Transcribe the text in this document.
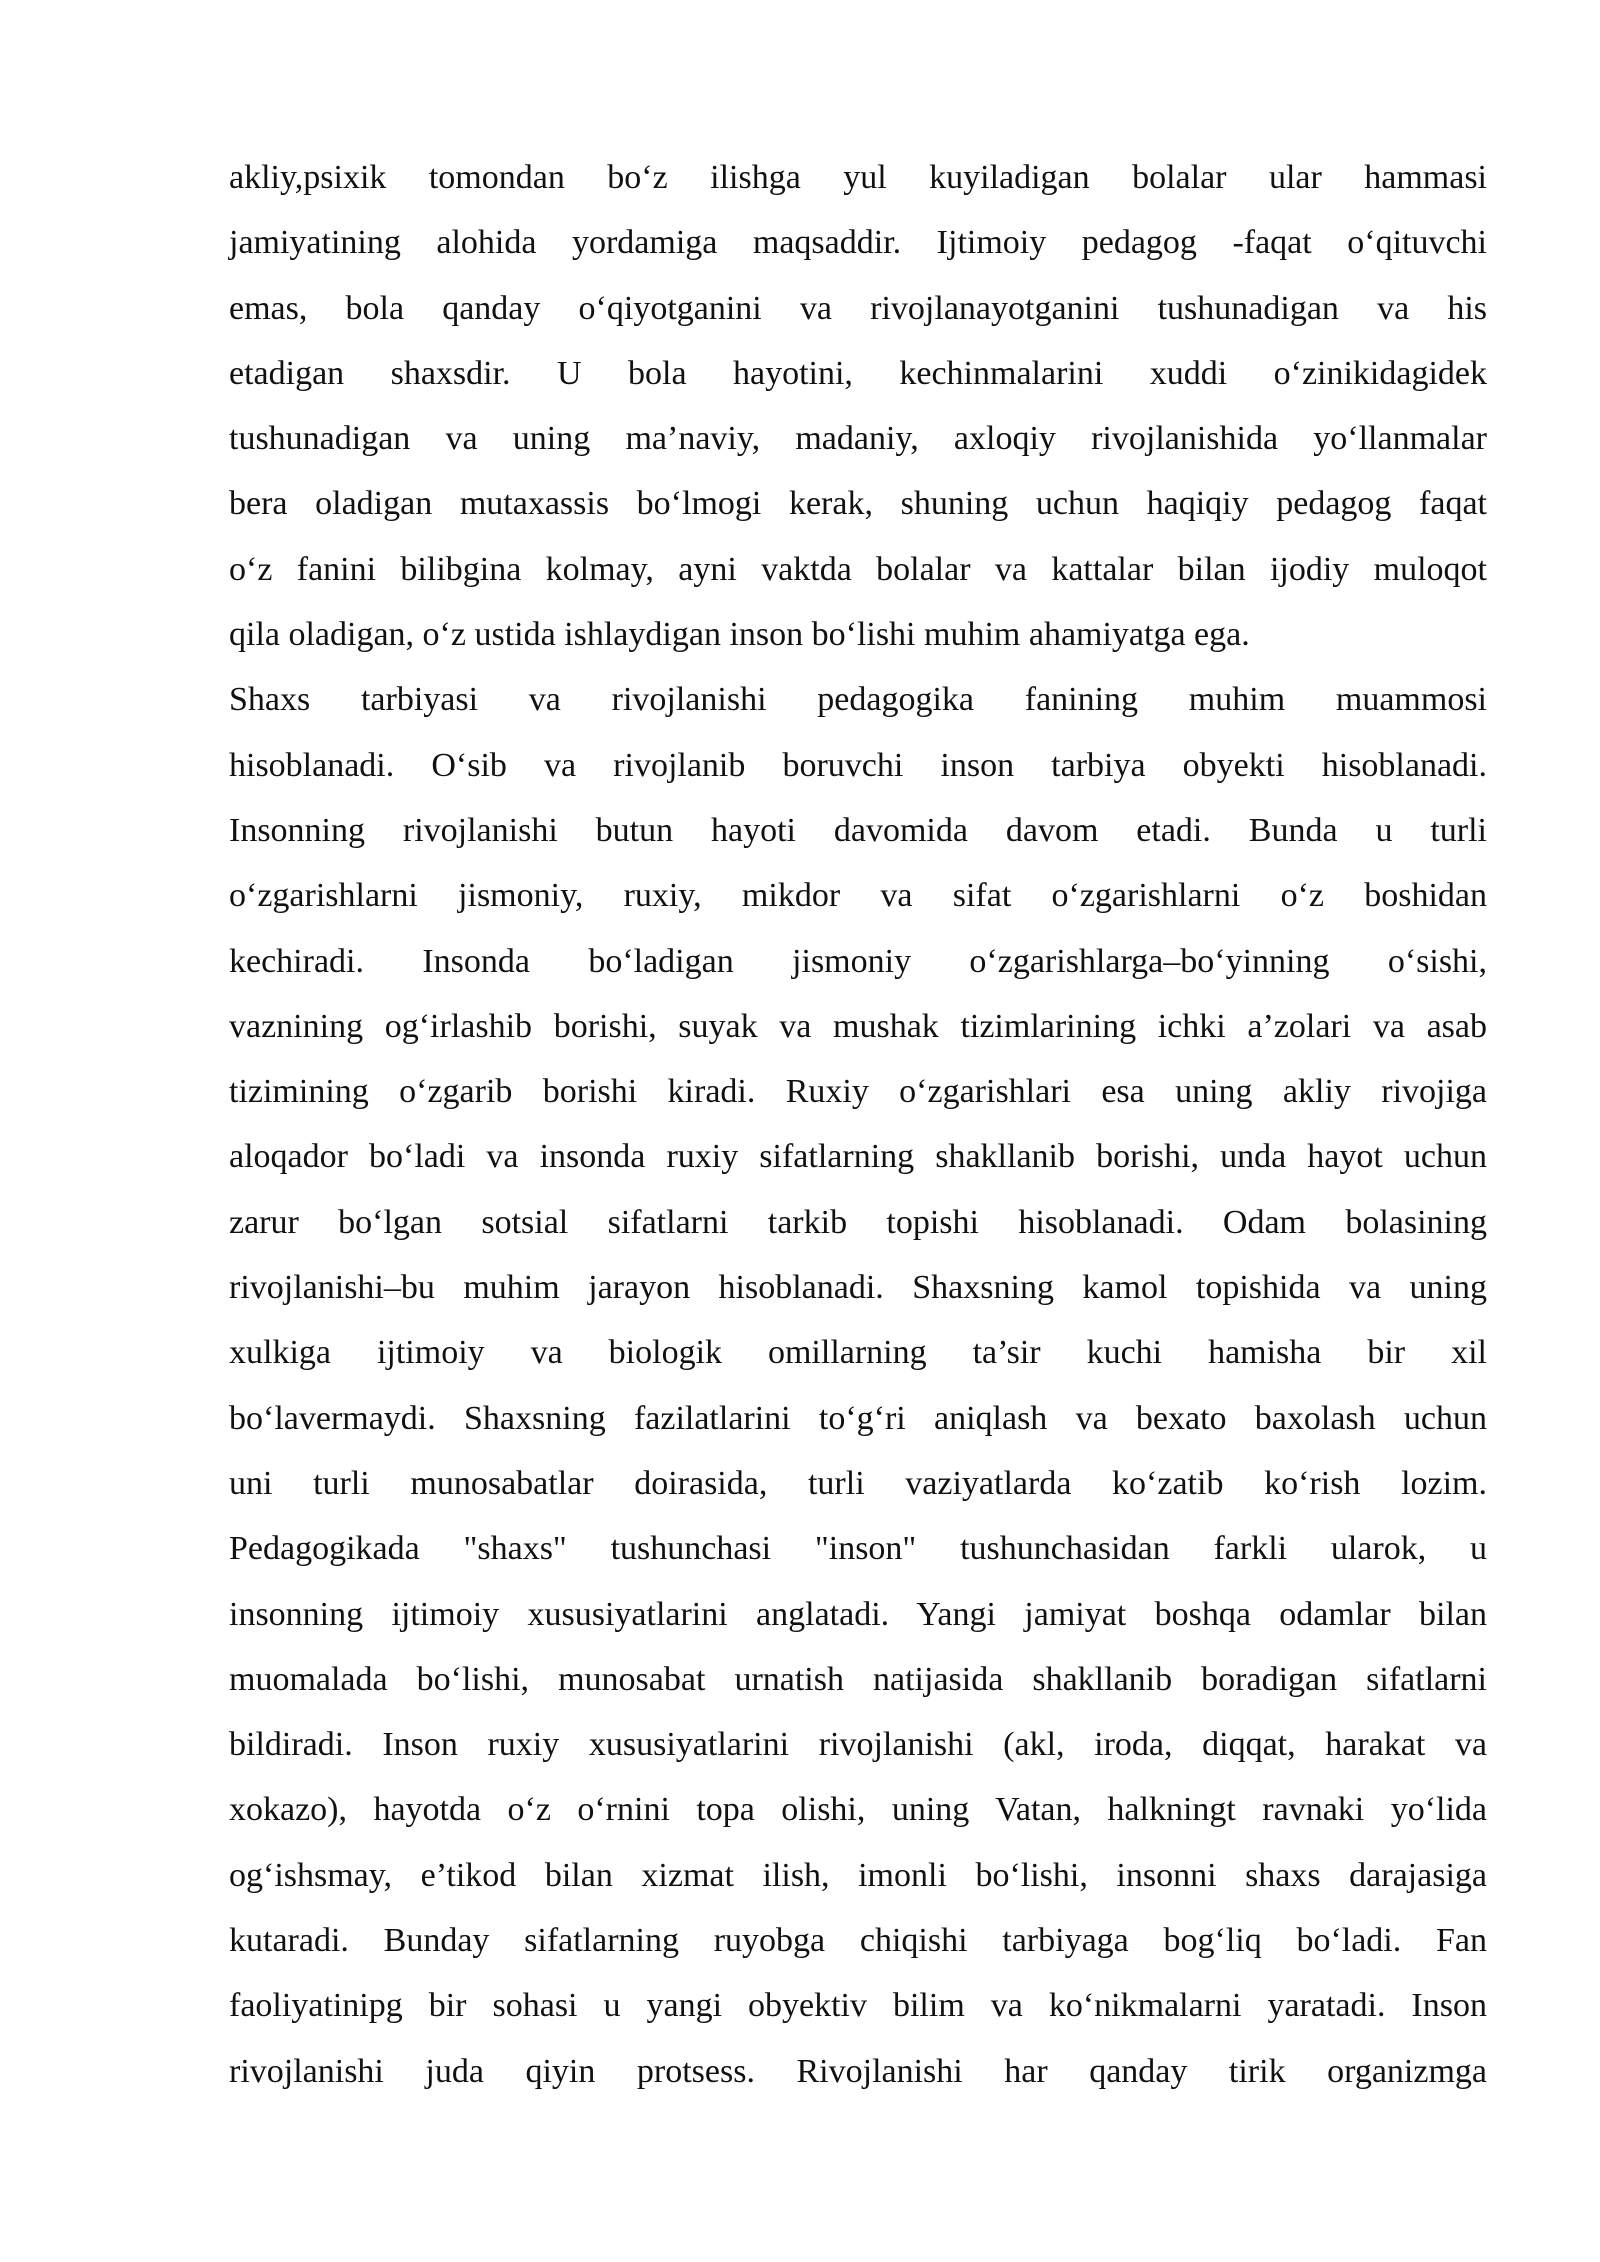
akliy,psixik tomondan bo‘z ilishga yul kuyiladigan bolalar ular hammasi
jamiyatining alohida yordamiga maqsaddir. Ijtimoiy pedagog -faqat o‘qituvchi
emas, bola qanday o‘qiyotganini va rivojlanayotganini tushunadigan va his
etadigan shaxsdir. U bola hayotini, kechinmalarini xuddi o‘zinikidagidek
tushunadigan va uning ma’naviy, madaniy, axloqiy rivojlanishida yo‘llanmalar
bera oladigan mutaxassis bo‘lmogi kerak, shuning uchun haqiqiy pedagog faqat
o‘z fanini bilibgina kolmay, ayni vaktda bolalar va kattalar bilan ijodiy muloqot
qila oladigan, o‘z ustida ishlaydigan inson bo‘lishi muhim ahamiyatga ega.
Shaxs tarbiyasi va rivojlanishi pedagogika fanining muhim muammosi
hisoblanadi. O‘sib va rivojlanib boruvchi inson tarbiya obyekti hisoblanadi.
Insonning rivojlanishi butun hayoti davomida davom etadi. Bunda u turli
o‘zgarishlarni jismoniy, ruxiy, mikdor va sifat o‘zgarishlarni o‘z boshidan
kechiradi. Insonda bo‘ladigan jismoniy o‘zgarishlarga–bo‘yinning o‘sishi,
vaznining og‘irlashib borishi, suyak va mushak tizimlarining ichki a’zolari va asab
tizimining o‘zgarib borishi kiradi. Ruxiy o‘zgarishlari esa uning akliy rivojiga
aloqador bo‘ladi va insonda ruxiy sifatlarning shakllanib borishi, unda hayot uchun
zarur bo‘lgan sotsial sifatlarni tarkib topishi hisoblanadi. Odam bolasining
rivojlanishi–bu muhim jarayon hisoblanadi. Shaxsning kamol topishida va uning
xulkiga ijtimoiy va biologik omillarning ta’sir kuchi hamisha bir xil
bo‘lavermaydi. Shaxsning fazilatlarini to‘g‘ri aniqlash va bexato baxolash uchun
uni turli munosabatlar doirasida, turli vaziyatlarda ko‘zatib ko‘rish lozim.
Pedagogikada "shaxs" tushunchasi "inson" tushunchasidan farkli ularok, u
insonning ijtimoiy xususiyatlarini anglatadi. Yangi jamiyat boshqa odamlar bilan
muomalada bo‘lishi, munosabat urnatish natijasida shakllanib boradigan sifatlarni
bildiradi. Inson ruxiy xususiyatlarini rivojlanishi (akl, iroda, diqqat, harakat va
xokazo), hayotda o‘z o‘rnini topa olishi, uning Vatan, halkningt ravnaki yo‘lida
og‘ishsmay, e’tikod bilan xizmat ilish, imonli bo‘lishi, insonni shaxs darajasiga
kutaradi. Bunday sifatlarning ruyobga chiqishi tarbiyaga bog‘liq bo‘ladi. Fan
faoliyatinipg bir sohasi u yangi obyektiv bilim va ko‘nikmalarni yaratadi. Inson
rivojlanishi juda qiyin protsess. Rivojlanishi har qanday tirik organizmga
